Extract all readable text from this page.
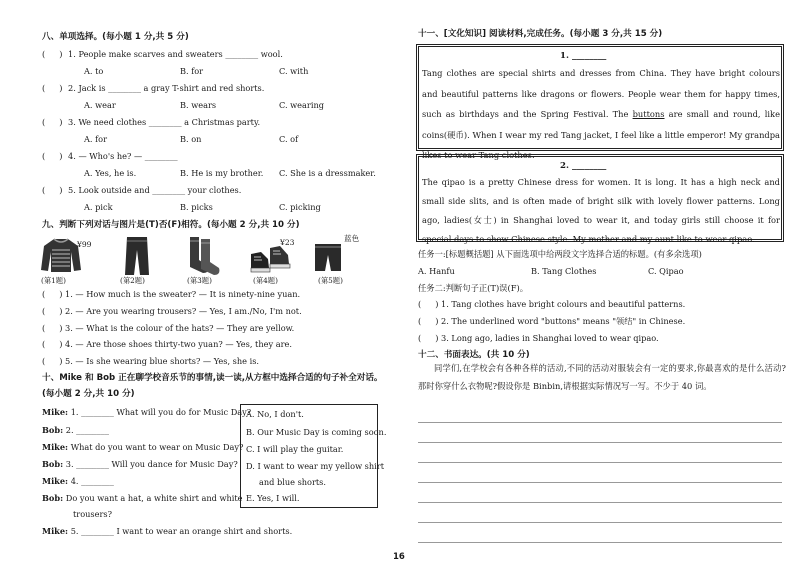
八、单项选择。(每小题 1 分,共 5 分)
( ) 1. People make scarves and sweaters ________ wool.
A. to	B. for	C. with
( ) 2. Jack is ________ a gray T-shirt and red shorts.
A. wear	B. wears	C. wearing
( ) 3. We need clothes ________ a Christmas party.
A. for	B. on	C. of
( ) 4. — Who's he? — ________
A. Yes, he is.	B. He is my brother. C. She is a dressmaker.
( ) 5. Look outside and ________ your clothes.
A. pick	B. picks	C. picking
九、判断下列对话与图片是(T)否(F)相符。(每小题 2 分,共 10 分)
¥99
(第1题)	(第2题)	(第3题)
¥23
(第4题)
蓝色
(第5题)
( ) 1. — How much is the sweater? — It is ninety-nine yuan.
( ) 2. — Are you wearing trousers? — Yes, I am./No, I'm not.
( ) 3. — What is the colour of the hats? — They are yellow.
( ) 4. — Are those shoes thirty-two yuan? — Yes, they are.
( ) 5. — Is she wearing blue shorts? — Yes, she is.
十、Mike 和 Bob 正在聊学校音乐节的事情,读一读,从方框中选择合适的句子补全对话。
(每小题 2 分,共 10 分)
Mike: 1. ________ What will you do for Music Day?
Bob: 2. ________
Mike: What do you want to wear on Music Day?
Bob: 3. ________ Will you dance for Music Day?
Mike: 4. ________
Bob: Do you want a hat, a white shirt and white
trousers?
Mike: 5. ________ I want to wear an orange shirt and shorts.
A. No, I don't.
B. Our Music Day is coming soon.
C. I will play the guitar.
D. I want to wear my yellow shirt
and blue shorts.
E. Yes, I will.
十一、[文化知识] 阅读材料,完成任务。(每小题 3 分,共 15 分)
1. ________
Tang clothes are special shirts and dresses from China. They have bright colours and beautiful patterns like dragons or flowers. People wear them for happy times, such as birthdays and the Spring Festival. The buttons are small and round, like coins(硬币). When I wear my red Tang jacket, I feel like a little emperor! My grandpa likes to wear Tang clothes.
2. ________
The qipao is a pretty Chinese dress for women. It is long. It has a high neck and small side slits, and is often made of bright silk with lovely flower patterns. Long ago, ladies(女士) in Shanghai loved to wear it, and today girls still choose it for special days to show Chinese style. My mother and my aunt like to wear qipao.
任务一:[标题概括题] 从下面选项中给两段文字选择合适的标题。(有多余选项)
A. Hanfu	B. Tang Clothes	C. Qipao
任务二:判断句子正(T)误(F)。
( ) 1. Tang clothes have bright colours and beautiful patterns.
( ) 2. The underlined word "buttons" means "领结" in Chinese.
( ) 3. Long ago, ladies in Shanghai loved to wear qipao.
十二、书面表达。(共 10 分)
同学们,在学校会有各种各样的活动,不同的活动对服装会有一定的要求,你最喜欢的是什么活动?那时你穿什么衣物呢?假设你是 Binbin,请根据实际情况写一写。不少于 40 词。
16
